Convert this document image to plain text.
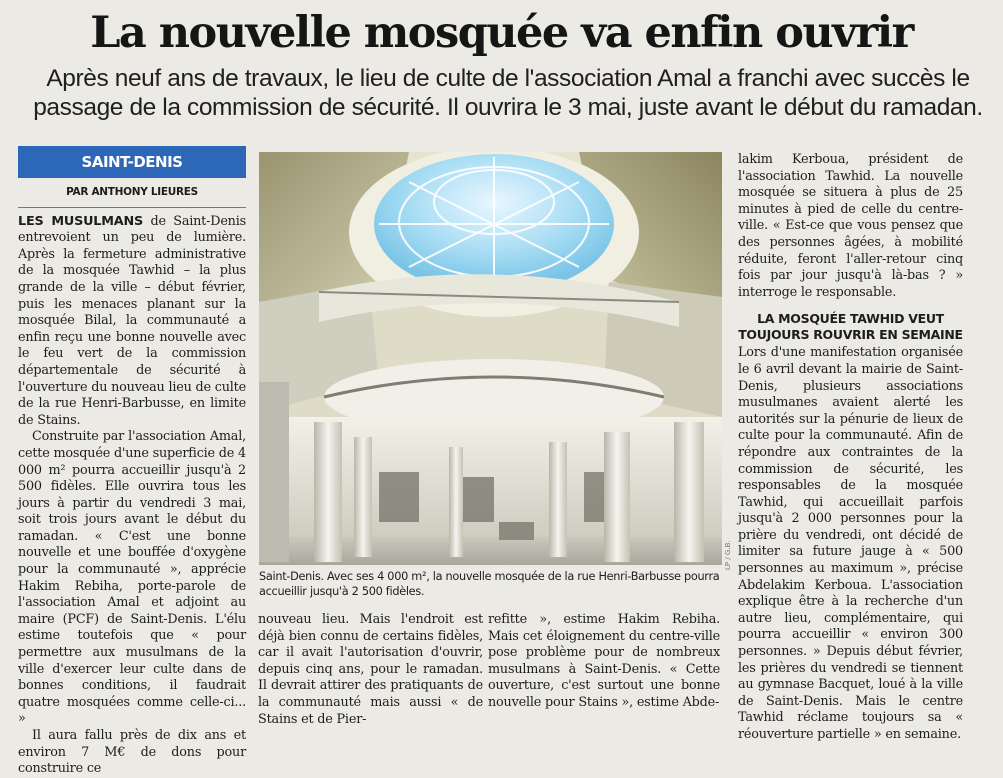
La nouvelle mosquée va enfin ouvrir

Après neuf ans de travaux, le lieu de culte de l'association Amal a franchi avec succès le passage de la commission de sécurité. Il ouvrira le 3 mai, juste avant le début du ramadan.

SAINT-DENIS
PAR ANTHONY LIEURES

LES MUSULMANS de Saint-Denis entrevoient un peu de lumière. Après la fermeture administrative de la mosquée Tawhid – la plus grande de la ville – début février, puis les menaces planant sur la mosquée Bilal, la communauté a enfin reçu une bonne nouvelle avec le feu vert de la commission départementale de sécurité à l'ouverture du nouveau lieu de culte de la rue Henri-Barbusse, en limite de Stains.

Construite par l'association Amal, cette mosquée d'une superficie de 4 000 m² pourra accueillir jusqu'à 2 500 fidèles. Elle ouvrira tous les jours à partir du vendredi 3 mai, soit trois jours avant le début du ramadan. « C'est une bonne nouvelle et une bouffée d'oxygène pour la communauté », apprécie Hakim Rebiha, porte-parole de l'association Amal et adjoint au maire (PCF) de Saint-Denis. L'élu estime toutefois que « pour permettre aux musulmans de la ville d'exercer leur culte dans de bonnes conditions, il faudrait quatre mosquées comme celle-ci... »

Il aura fallu près de dix ans et environ 7 M€ de dons pour construire ce

LP / G.B.
Saint-Denis. Avec ses 4 000 m², la nouvelle mosquée de la rue Henri-Barbusse pourra accueillir jusqu'à 2 500 fidèles.

nouveau lieu. Mais l'endroit est déjà bien connu de certains fidèles, car il avait l'autorisation d'ouvrir, depuis cinq ans, pour le ramadan. Il devrait attirer des pratiquants de la communauté mais aussi « de Stains et de Pier-

refitte », estime Hakim Rebiha. Mais cet éloignement du centre-ville pose problème pour de nombreux musulmans à Saint-Denis. « Cette ouverture, c'est surtout une bonne nouvelle pour Stains », estime Abde-

lakim Kerboua, président de l'association Tawhid. La nouvelle mosquée se situera à plus de 25 minutes à pied de celle du centre-ville. « Est-ce que vous pensez que des personnes âgées, à mobilité réduite, feront l'aller-retour cinq fois par jour jusqu'à là-bas ? » interroge le responsable.

LA MOSQUÉE TAWHID VEUT TOUJOURS ROUVRIR EN SEMAINE

Lors d'une manifestation organisée le 6 avril devant la mairie de Saint-Denis, plusieurs associations musulmanes avaient alerté les autorités sur la pénurie de lieux de culte pour la communauté. Afin de répondre aux contraintes de la commission de sécurité, les responsables de la mosquée Tawhid, qui accueillait parfois jusqu'à 2 000 personnes pour la prière du vendredi, ont décidé de limiter sa future jauge à « 500 personnes au maximum », précise Abdelakim Kerboua. L'association explique être à la recherche d'un autre lieu, complémentaire, qui pourra accueillir « environ 300 personnes. » Depuis début février, les prières du vendredi se tiennent au gymnase Bacquet, loué à la ville de Saint-Denis. Mais le centre Tawhid réclame toujours sa « réouverture partielle » en semaine.
